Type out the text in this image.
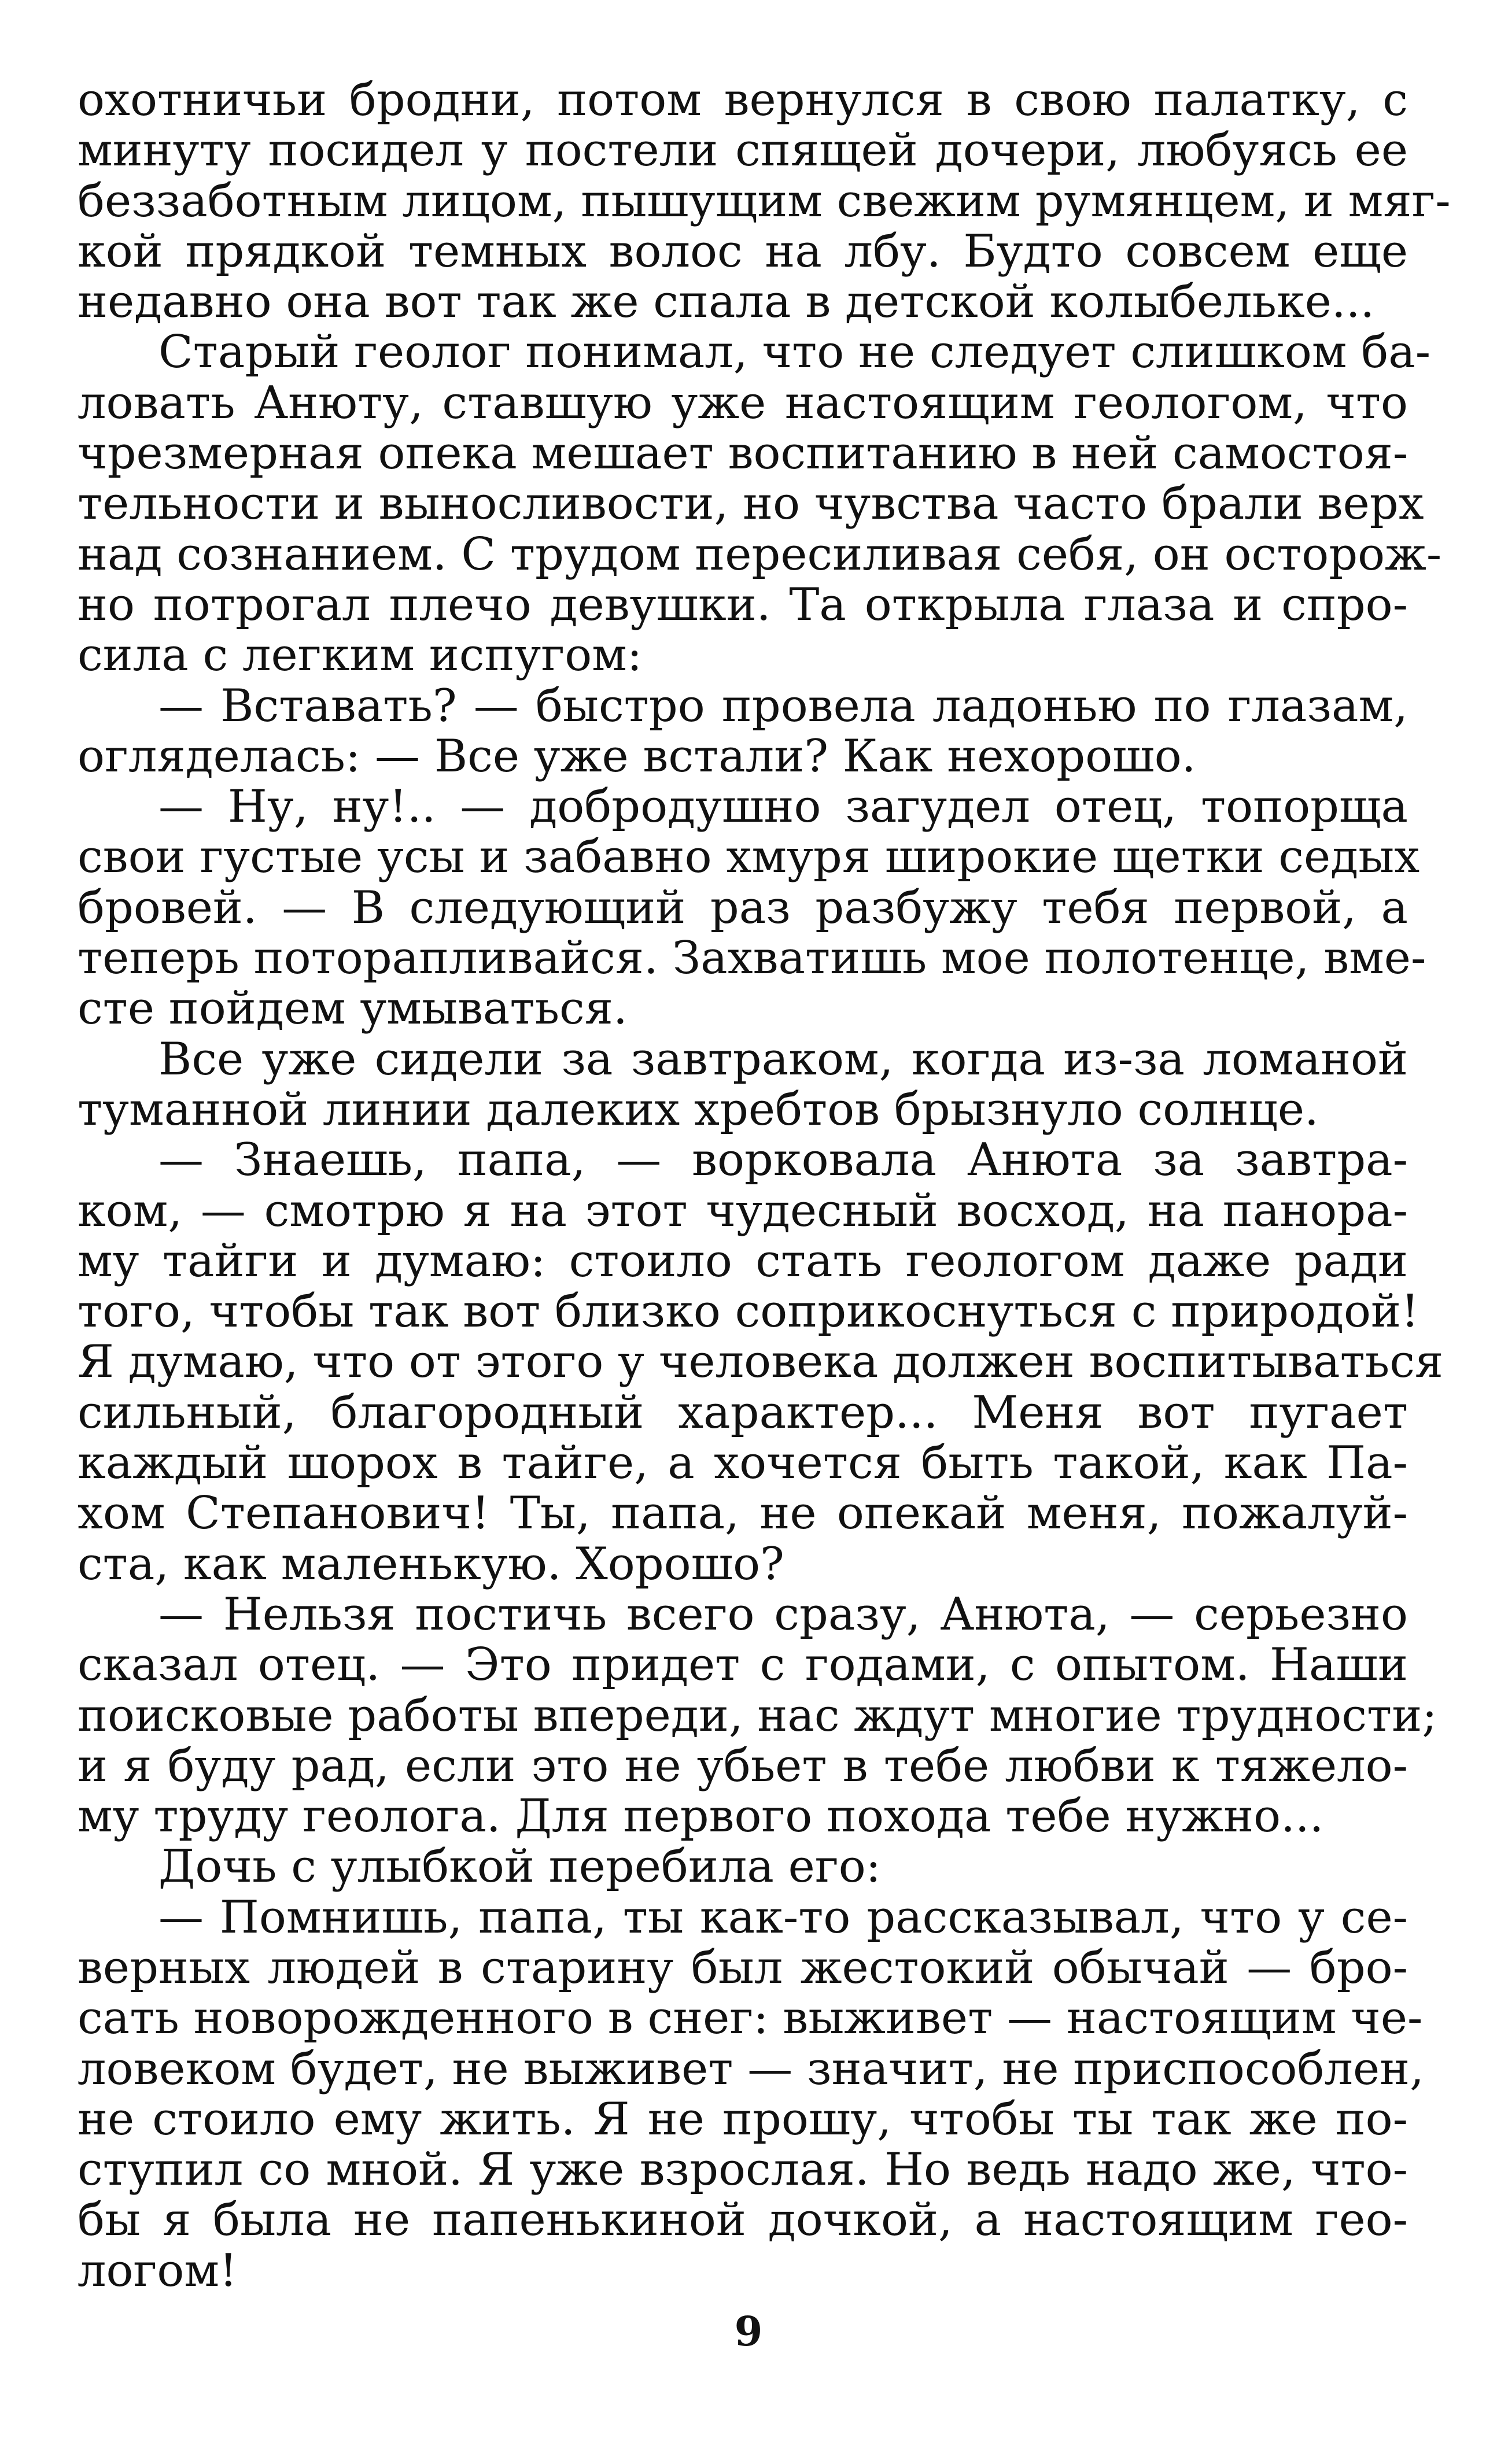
охотничьи бродни, потом вернулся в свою палатку, с
минуту посидел у постели спящей дочери, любуясь ее
беззаботным лицом, пышущим свежим румянцем, и мяг-
кой прядкой темных волос на лбу. Будто совсем еще
недавно она вот так же спала в детской колыбельке...
Старый геолог понимал, что не следует слишком ба-
ловать Анюту, ставшую уже настоящим геологом, что
чрезмерная опека мешает воспитанию в ней самостоя-
тельности и выносливости, но чувства часто брали верх
над сознанием. С трудом пересиливая себя, он осторож-
но потрогал плечо девушки. Та открыла глаза и спро-
сила с легким испугом:
— Вставать? — быстро провела ладонью по глазам,
огляделась: — Все уже встали? Как нехорошо.
— Ну, ну!.. — добродушно загудел отец, топорща
свои густые усы и забавно хмуря широкие щетки седых
бровей. — В следующий раз разбужу тебя первой, а
теперь поторапливайся. Захватишь мое полотенце, вме-
сте пойдем умываться.
Все уже сидели за завтраком, когда из-за ломаной
туманной линии далеких хребтов брызнуло солнце.
— Знаешь, папа, — ворковала Анюта за завтра-
ком, — смотрю я на этот чудесный восход, на панора-
му тайги и думаю: стоило стать геологом даже ради
того, чтобы так вот близко соприкоснуться с природой!
Я думаю, что от этого у человека должен воспитываться
сильный, благородный характер... Меня вот пугает
каждый шорох в тайге, а хочется быть такой, как Па-
хом Степанович! Ты, папа, не опекай меня, пожалуй-
ста, как маленькую. Хорошо?
— Нельзя постичь всего сразу, Анюта, — серьезно
сказал отец. — Это придет с годами, с опытом. Наши
поисковые работы впереди, нас ждут многие трудности;
и я буду рад, если это не убьет в тебе любви к тяжело-
му труду геолога. Для первого похода тебе нужно...
Дочь с улыбкой перебила его:
— Помнишь, папа, ты как-то рассказывал, что у се-
верных людей в старину был жестокий обычай — бро-
сать новорожденного в снег: выживет — настоящим че-
ловеком будет, не выживет — значит, не приспособлен,
не стоило ему жить. Я не прошу, чтобы ты так же по-
ступил со мной. Я уже взрослая. Но ведь надо же, что-
бы я была не папенькиной дочкой, а настоящим гео-
логом!
9
